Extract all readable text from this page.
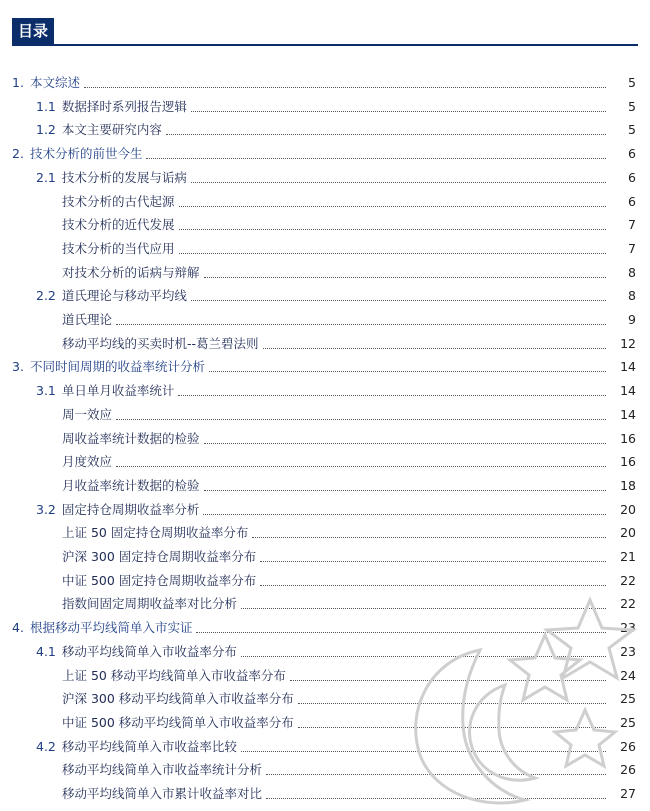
目录
1. 本文综述	5
1.1 数据择时系列报告逻辑	5
1.2 本文主要研究内容	5
2. 技术分析的前世今生	6
2.1 技术分析的发展与诟病	6
技术分析的古代起源	6
技术分析的近代发展	7
技术分析的当代应用	7
对技术分析的诟病与辩解	8
2.2 道氏理论与移动平均线	8
道氏理论	9
移动平均线的买卖时机--葛兰碧法则	12
3. 不同时间周期的收益率统计分析	14
3.1 单日单月收益率统计	14
周一效应	14
周收益率统计数据的检验	16
月度效应	16
月收益率统计数据的检验	18
3.2 固定持仓周期收益率分析	20
上证 50 固定持仓周期收益率分布	20
沪深 300 固定持仓周期收益率分布	21
中证 500 固定持仓周期收益率分布	22
指数间固定周期收益率对比分析	22
4. 根据移动平均线简单入市实证	23
4.1 移动平均线简单入市收益率分布	23
上证 50 移动平均线简单入市收益率分布	24
沪深 300 移动平均线简单入市收益率分布	25
中证 500 移动平均线简单入市收益率分布	25
4.2 移动平均线简单入市收益率比较	26
移动平均线简单入市收益率统计分析	26
移动平均线简单入市累计收益率对比	27
